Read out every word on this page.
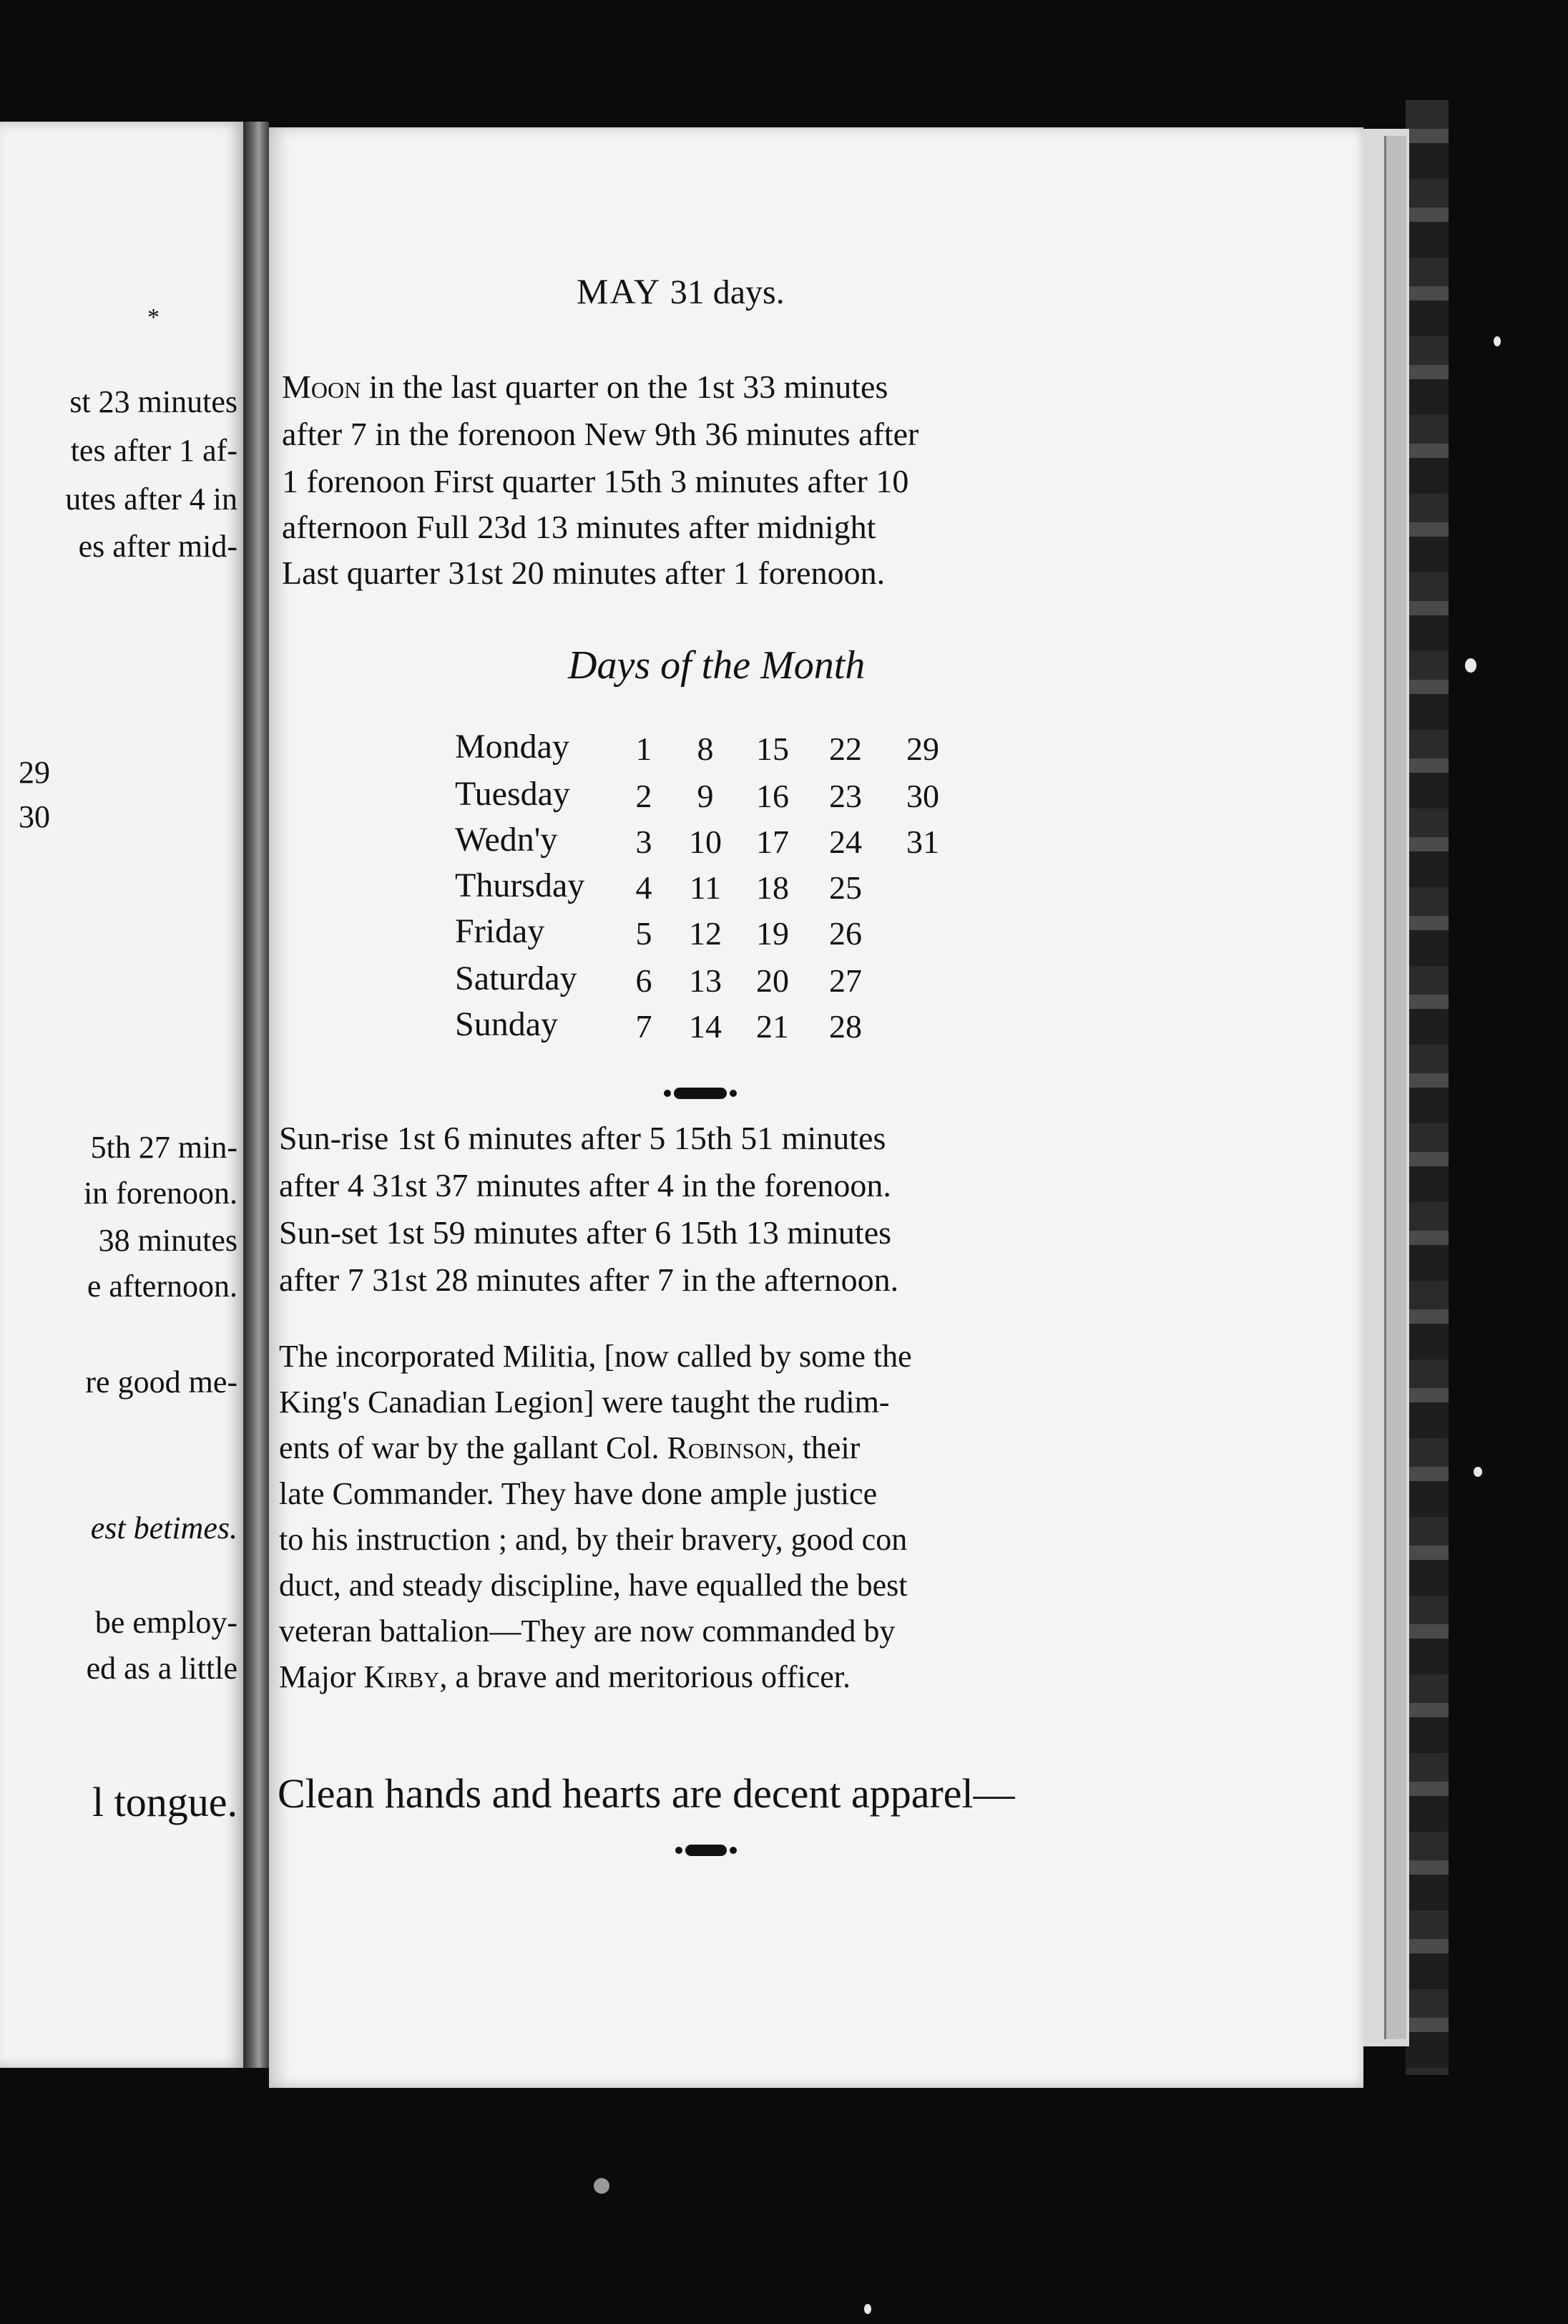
*
st 23 minutes
tes after 1 af-
utes after 4 in
es after mid-
29
30
5th 27 min-
in forenoon.
38 minutes
e afternoon.
re good me-
est betimes.
be employ-
ed as a little
l tongue.
MAY 31 days.
Moon in the last quarter on the 1st 33 minutes
after 7 in the forenoon New 9th 36 minutes after
1 forenoon First quarter 15th 3 minutes after 10
afternoon Full 23d 13 minutes after midnight
Last quarter 31st 20 minutes after 1 forenoon.
Days of the Month
Monday	1	8	15	22	29
Tuesday	2	9	16	23	30
Wedn'y	3	10	17	24	31
Thursday	4	11	18	25
Friday	5	12	19	26
Saturday	6	13	20	27
Sunday	7	14	21	28
Sun-rise 1st 6 minutes after 5 15th 51 minutes
after 4 31st 37 minutes after 4 in the forenoon.
Sun-set 1st 59 minutes after 6 15th 13 minutes
after 7 31st 28 minutes after 7 in the afternoon.
The incorporated Militia, [now called by some the
King's Canadian Legion] were taught the rudim-
ents of war by the gallant Col. Robinson, their
late Commander. They have done ample justice
to his instruction ; and, by their bravery, good con
duct, and steady discipline, have equalled the best
veteran battalion—They are now commanded by
Major Kirby, a brave and meritorious officer.
Clean hands and hearts are decent apparel—
